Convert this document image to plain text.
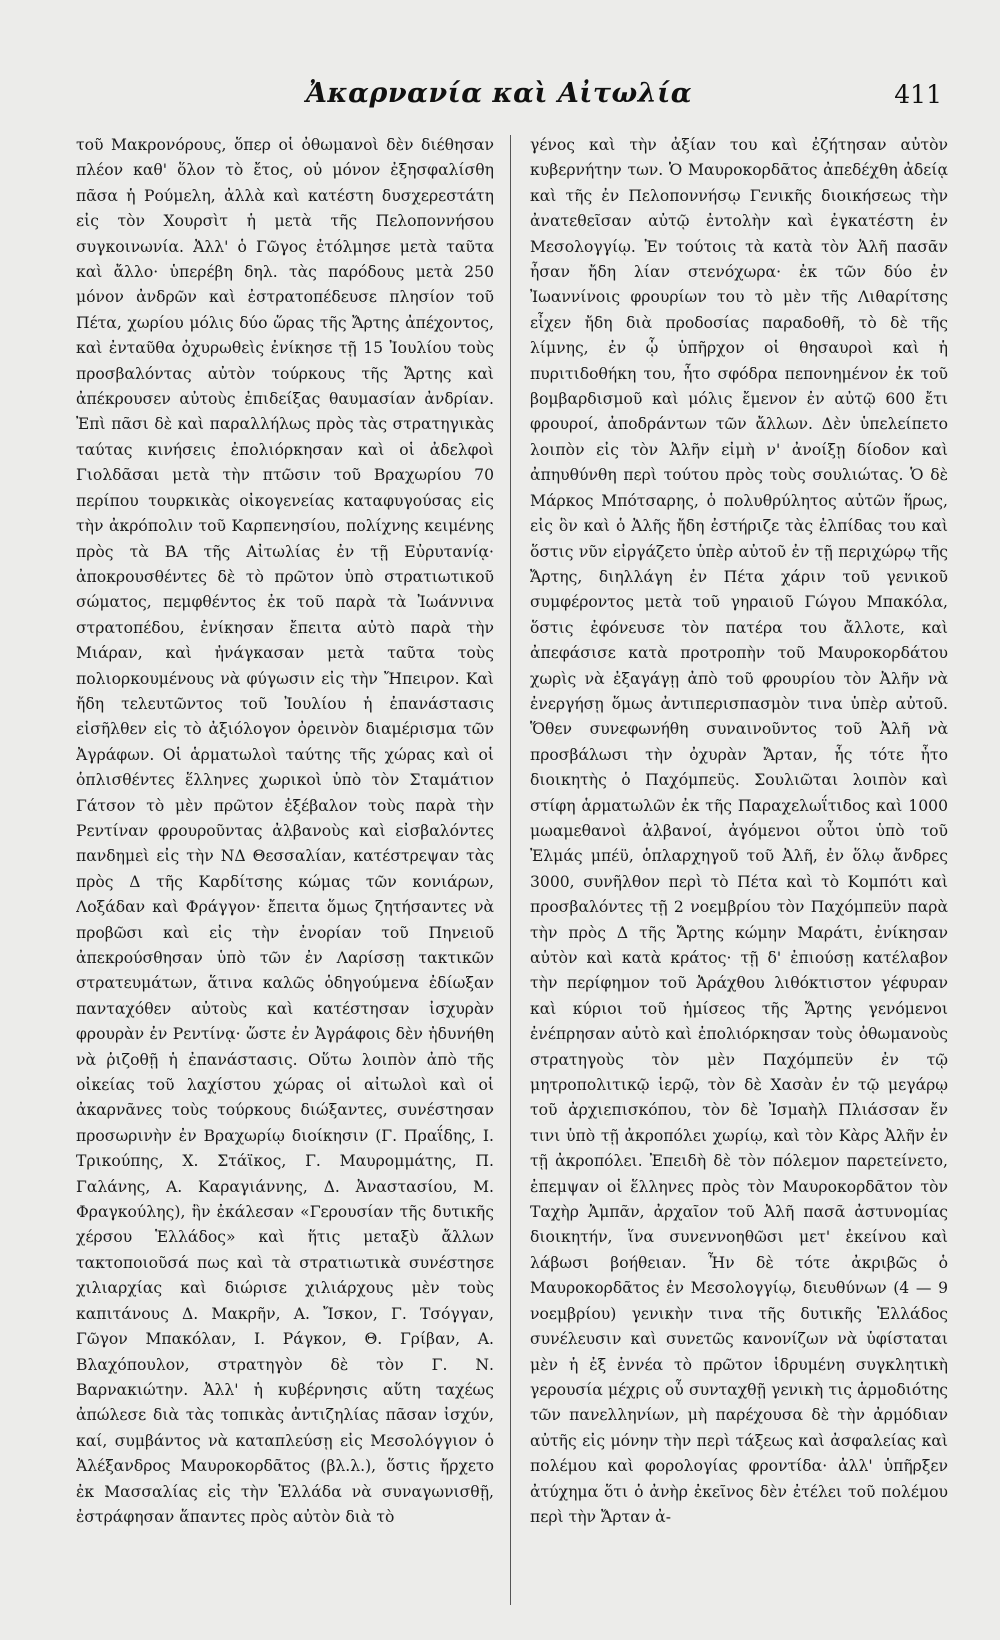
Ἀκαρνανία καὶ Αἰτωλία	411

τοῦ Μακρονόρους, ὅπερ οἱ ὀθωμανοὶ δὲν διέθησαν πλέον καθ' ὅλον τὸ ἔτος, οὐ μόνον ἐξησφαλίσθη πᾶσα ἡ Ρούμελη, ἀλλὰ καὶ κατέστη δυσχερεστάτη εἰς τὸν Χουρσὶτ ἡ μετὰ τῆς Πελοποννήσου συγκοινωνία. Ἀλλ' ὁ Γῶγος ἐτόλμησε μετὰ ταῦτα καὶ ἄλλο· ὑπερέβη δηλ. τὰς παρόδους μετὰ 250 μόνον ἀνδρῶν καὶ ἐστρατοπέδευσε πλησίον τοῦ Πέτα, χωρίου μόλις δύο ὥρας τῆς Ἄρτης ἀπέχοντος, καὶ ἐνταῦθα ὀχυρωθεὶς ἐνίκησε τῇ 15 Ἰουλίου τοὺς προσβαλόντας αὐτὸν τούρκους τῆς Ἄρτης καὶ ἀπέκρουσεν αὐτοὺς ἐπιδείξας θαυμασίαν ἀνδρίαν. Ἐπὶ πᾶσι δὲ καὶ παραλλήλως πρὸς τὰς στρατηγικὰς ταύτας κινήσεις ἐπολιόρκησαν καὶ οἱ ἀδελφοὶ Γιολδᾶσαι μετὰ τὴν πτῶσιν τοῦ Βραχωρίου 70 περίπου τουρκικὰς οἰκογενείας καταφυγούσας εἰς τὴν ἀκρόπολιν τοῦ Καρπενησίου, πολίχνης κειμένης πρὸς τὰ ΒΑ τῆς Αἰτωλίας ἐν τῇ Εὐρυτανίᾳ· ἀποκρουσθέντες δὲ τὸ πρῶτον ὑπὸ στρατιωτικοῦ σώματος, πεμφθέντος ἐκ τοῦ παρὰ τὰ Ἰωάννινα στρατοπέδου, ἐνίκησαν ἔπειτα αὐτὸ παρὰ τὴν Μιάραν, καὶ ἠνάγκασαν μετὰ ταῦτα τοὺς πολιορκουμένους νὰ φύγωσιν εἰς τὴν Ἤπειρον. Καὶ ἤδη τελευτῶντος τοῦ Ἰουλίου ἡ ἐπανάστασις εἰσῆλθεν εἰς τὸ ἀξιόλογον ὀρεινὸν διαμέρισμα τῶν Ἀγράφων. Οἱ ἁρματωλοὶ ταύτης τῆς χώρας καὶ οἱ ὁπλισθέντες ἕλληνες χωρικοὶ ὑπὸ τὸν Σταμάτιον Γάτσον τὸ μὲν πρῶτον ἐξέβαλον τοὺς παρὰ τὴν Ρεντίναν φρουροῦντας ἀλβανοὺς καὶ εἰσβαλόντες πανδημεὶ εἰς τὴν ΝΔ Θεσσαλίαν, κατέστρεψαν τὰς πρὸς Δ τῆς Καρδίτσης κώμας τῶν κονιάρων, Λοξάδαν καὶ Φράγγον· ἔπειτα ὅμως ζητήσαντες νὰ προβῶσι καὶ εἰς τὴν ἐνορίαν τοῦ Πηνειοῦ ἀπεκρούσθησαν ὑπὸ τῶν ἐν Λαρίσσῃ τακτικῶν στρατευμάτων, ἅτινα καλῶς ὁδηγούμενα ἐδίωξαν πανταχόθεν αὐτοὺς καὶ κατέστησαν ἰσχυρὰν φρουρὰν ἐν Ρεντίνᾳ· ὥστε ἐν Ἀγράφοις δὲν ἠδυνήθη νὰ ῥιζοθῇ ἡ ἐπανάστασις. Οὕτω λοιπὸν ἀπὸ τῆς οἰκείας τοῦ λαχίστου χώρας οἱ αἰτωλοὶ καὶ οἱ ἀκαρνᾶνες τοὺς τούρκους διώξαντες, συνέστησαν προσωρινὴν ἐν Βραχωρίῳ διοίκησιν (Γ. Πραΐδης, Ι. Τρικούπης, Χ. Στάϊκος, Γ. Μαυρομμάτης, Π. Γαλάνης, Α. Καραγιάννης, Δ. Ἀναστασίου, Μ. Φραγκούλης), ἣν ἐκάλεσαν «Γερουσίαν τῆς δυτικῆς χέρσου Ἑλλάδος» καὶ ἥτις μεταξὺ ἄλλων τακτοποιοῦσά πως καὶ τὰ στρατιωτικὰ συνέστησε χιλιαρχίας καὶ διώρισε χιλιάρχους μὲν τοὺς καπιτάνους Δ. Μακρῆν, Α. Ἴσκον, Γ. Τσόγγαν, Γῶγον Μπακόλαν, Ι. Ράγκον, Θ. Γρίβαν, Α. Βλαχόπουλον, στρατηγὸν δὲ τὸν Γ. Ν. Βαρνακιώτην. Ἀλλ' ἡ κυβέρνησις αὕτη ταχέως ἀπώλεσε διὰ τὰς τοπικὰς ἀντιζηλίας πᾶσαν ἰσχύν, καί, συμβάντος νὰ καταπλεύσῃ εἰς Μεσολόγγιον ὁ Ἀλέξανδρος Μαυροκορδᾶτος (βλ.λ.), ὅστις ἤρχετο ἐκ Μασσαλίας εἰς τὴν Ἑλλάδα νὰ συναγωνισθῇ, ἐστράφησαν ἅπαντες πρὸς αὐτὸν διὰ τὸ

γένος καὶ τὴν ἀξίαν του καὶ ἐζήτησαν αὐτὸν κυβερνήτην των. Ὁ Μαυροκορδᾶτος ἀπεδέχθη ἀδείᾳ καὶ τῆς ἐν Πελοποννήσῳ Γενικῆς διοικήσεως τὴν ἀνατεθεῖσαν αὐτῷ ἐντολὴν καὶ ἐγκατέστη ἐν Μεσολογγίῳ. Ἐν τούτοις τὰ κατὰ τὸν Ἀλῆ πασᾶν ἦσαν ἤδη λίαν στενόχωρα· ἐκ τῶν δύο ἐν Ἰωαννίνοις φρουρίων του τὸ μὲν τῆς Λιθαρίτσης εἶχεν ἤδη διὰ προδοσίας παραδοθῆ, τὸ δὲ τῆς λίμνης, ἐν ᾧ ὑπῆρχον οἱ θησαυροὶ καὶ ἡ πυριτιδοθήκη του, ἦτο σφόδρα πεπονημένον ἐκ τοῦ βομβαρδισμοῦ καὶ μόλις ἔμενον ἐν αὐτῷ 600 ἔτι φρουροί, ἀποδράντων τῶν ἄλλων. Δὲν ὑπελείπετο λοιπὸν εἰς τὸν Ἀλῆν εἰμὴ ν' ἀνοίξῃ δίοδον καὶ ἀπηυθύνθη περὶ τούτου πρὸς τοὺς σουλιώτας. Ὁ δὲ Μάρκος Μπότσαρης, ὁ πολυθρύλητος αὐτῶν ἥρως, εἰς ὃν καὶ ὁ Ἀλῆς ἤδη ἐστήριζε τὰς ἐλπίδας του καὶ ὅστις νῦν εἰργάζετο ὑπὲρ αὐτοῦ ἐν τῇ περιχώρῳ τῆς Ἄρτης, διηλλάγη ἐν Πέτα χάριν τοῦ γενικοῦ συμφέροντος μετὰ τοῦ γηραιοῦ Γώγου Μπακόλα, ὅστις ἐφόνευσε τὸν πατέρα του ἄλλοτε, καὶ ἀπεφάσισε κατὰ προτροπὴν τοῦ Μαυροκορδάτου χωρὶς νὰ ἐξαγάγῃ ἀπὸ τοῦ φρουρίου τὸν Ἀλῆν νὰ ἐνεργήσῃ ὅμως ἀντιπερισπασμὸν τινα ὑπὲρ αὐτοῦ. Ὅθεν συνεφωνήθη συναινοῦντος τοῦ Ἀλῆ νὰ προσβάλωσι τὴν ὀχυρὰν Ἄρταν, ἧς τότε ἦτο διοικητὴς ὁ Παχόμπεϋς. Σουλιῶται λοιπὸν καὶ στίφη ἁρματωλῶν ἐκ τῆς Παραχελωΐτιδος καὶ 1000 μωαμεθανοὶ ἀλβανοί, ἀγόμενοι οὗτοι ὑπὸ τοῦ Ἐλμάς μπέϋ, ὁπλαρχηγοῦ τοῦ Ἀλῆ, ἐν ὅλῳ ἄνδρες 3000, συνῆλθον περὶ τὸ Πέτα καὶ τὸ Κομπότι καὶ προσβαλόντες τῇ 2 νοεμβρίου τὸν Παχόμπεϋν παρὰ τὴν πρὸς Δ τῆς Ἄρτης κώμην Μαράτι, ἐνίκησαν αὐτὸν καὶ κατὰ κράτος· τῇ δ' ἐπιούσῃ κατέλαβον τὴν περίφημον τοῦ Ἀράχθου λιθόκτιστον γέφυραν καὶ κύριοι τοῦ ἡμίσεος τῆς Ἄρτης γενόμενοι ἐνέπρησαν αὐτὸ καὶ ἐπολιόρκησαν τοὺς ὀθωμανοὺς στρατηγοὺς τὸν μὲν Παχόμπεϋν ἐν τῷ μητροπολιτικῷ ἱερῷ, τὸν δὲ Χασὰν ἐν τῷ μεγάρῳ τοῦ ἀρχιεπισκόπου, τὸν δὲ Ἰσμαὴλ Πλιάσσαν ἔν τινι ὑπὸ τῇ ἀκροπόλει χωρίῳ, καὶ τὸν Κὰρς Ἀλῆν ἐν τῇ ἀκροπόλει. Ἐπειδὴ δὲ τὸν πόλεμον παρετείνετο, ἐπεμψαν οἱ ἕλληνες πρὸς τὸν Μαυροκορδᾶτον τὸν Ταχὴρ Ἀμπᾶν, ἀρχαῖον τοῦ Ἀλῆ πασᾶ ἀστυνομίας διοικητήν, ἵνα συνεννοηθῶσι μετ' ἐκείνου καὶ λάβωσι βοήθειαν. Ἦν δὲ τότε ἀκριβῶς ὁ Μαυροκορδᾶτος ἐν Μεσολογγίῳ, διευθύνων (4 — 9 νοεμβρίου) γενικὴν τινα τῆς δυτικῆς Ἑλλάδος συνέλευσιν καὶ συνετῶς κανονίζων νὰ ὑφίσταται μὲν ἡ ἐξ ἐννέα τὸ πρῶτον ἱδρυμένη συγκλητικὴ γερουσία μέχρις οὗ συνταχθῇ γενικὴ τις ἁρμοδιότης τῶν πανελληνίων, μὴ παρέχουσα δὲ τὴν ἀρμόδιαν αὐτῆς εἰς μόνην τὴν περὶ τάξεως καὶ ἀσφαλείας καὶ πολέμου καὶ φορολογίας φροντίδα· ἀλλ' ὑπῆρξεν ἀτύχημα ὅτι ὁ ἀνὴρ ἐκεῖνος δὲν ἐτέλει τοῦ πολέμου περὶ τὴν Ἄρταν ἀ-
